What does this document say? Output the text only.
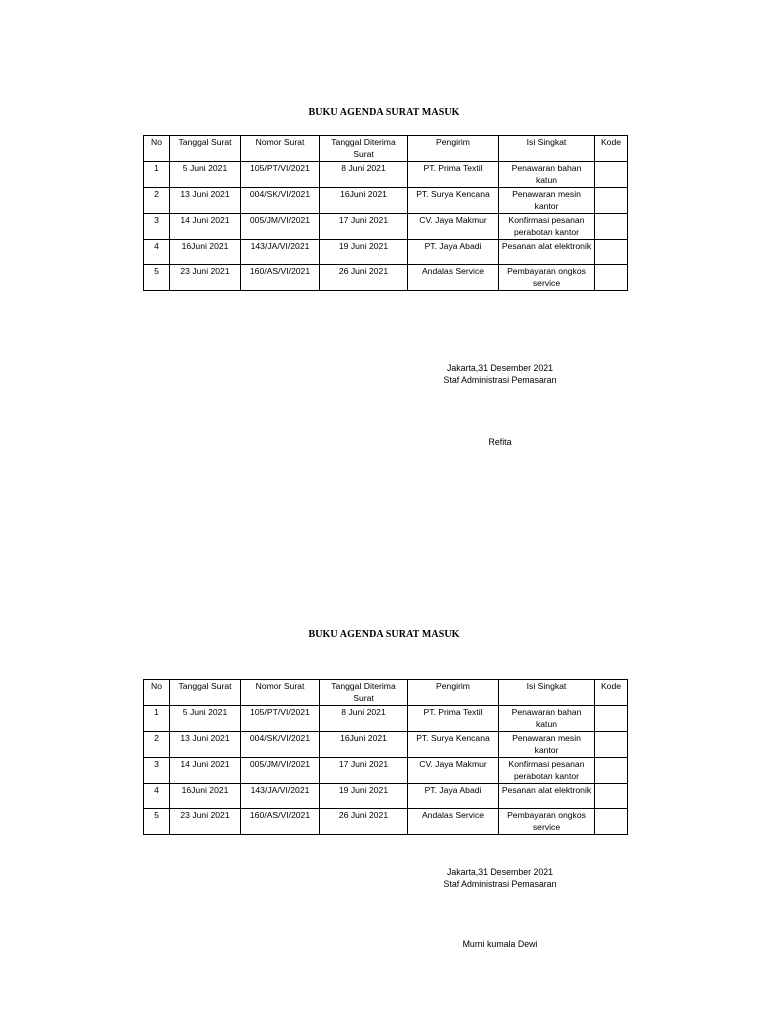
BUKU AGENDA SURAT MASUK
No	Tanggal Surat	Nomor Surat	Tanggal Diterima Surat	Pengirim	Isi Singkat	Kode
1	5 Juni 2021	105/PT/VI/2021	8 Juni 2021	PT. Prima Textil	Penawaran bahan katun	
2	13 Juni 2021	004/SK/VI/2021	16Juni 2021	PT. Surya Kencana	Penawaran mesin kantor	
3	14 Juni 2021	005/JM/VI/2021	17 Juni 2021	CV. Jaya Makmur	Konfirmasi pesanan perabotan kantor	
4	16Juni 2021	143/JA/VI/2021	19 Juni 2021	PT. Jaya Abadi	Pesanan alat elektronik	
5	23 Juni 2021	160/AS/VI/2021	26 Juni 2021	Andalas Service	Pembayaran ongkos service	
Jakarta,31 Desember 2021
Staf Administrasi Pemasaran
Refita
BUKU AGENDA SURAT MASUK
No	Tanggal Surat	Nomor Surat	Tanggal Diterima Surat	Pengirim	Isi Singkat	Kode
1	5 Juni 2021	105/PT/VI/2021	8 Juni 2021	PT. Prima Textil	Penawaran bahan katun	
2	13 Juni 2021	004/SK/VI/2021	16Juni 2021	PT. Surya Kencana	Penawaran mesin kantor	
3	14 Juni 2021	005/JM/VI/2021	17 Juni 2021	CV. Jaya Makmur	Konfirmasi pesanan perabotan kantor	
4	16Juni 2021	143/JA/VI/2021	19 Juni 2021	PT. Jaya Abadi	Pesanan alat elektronik	
5	23 Juni 2021	160/AS/VI/2021	26 Juni 2021	Andalas Service	Pembayaran ongkos service	
Jakarta,31 Desember 2021
Staf Administrasi Pemasaran
Murni kumala Dewi
